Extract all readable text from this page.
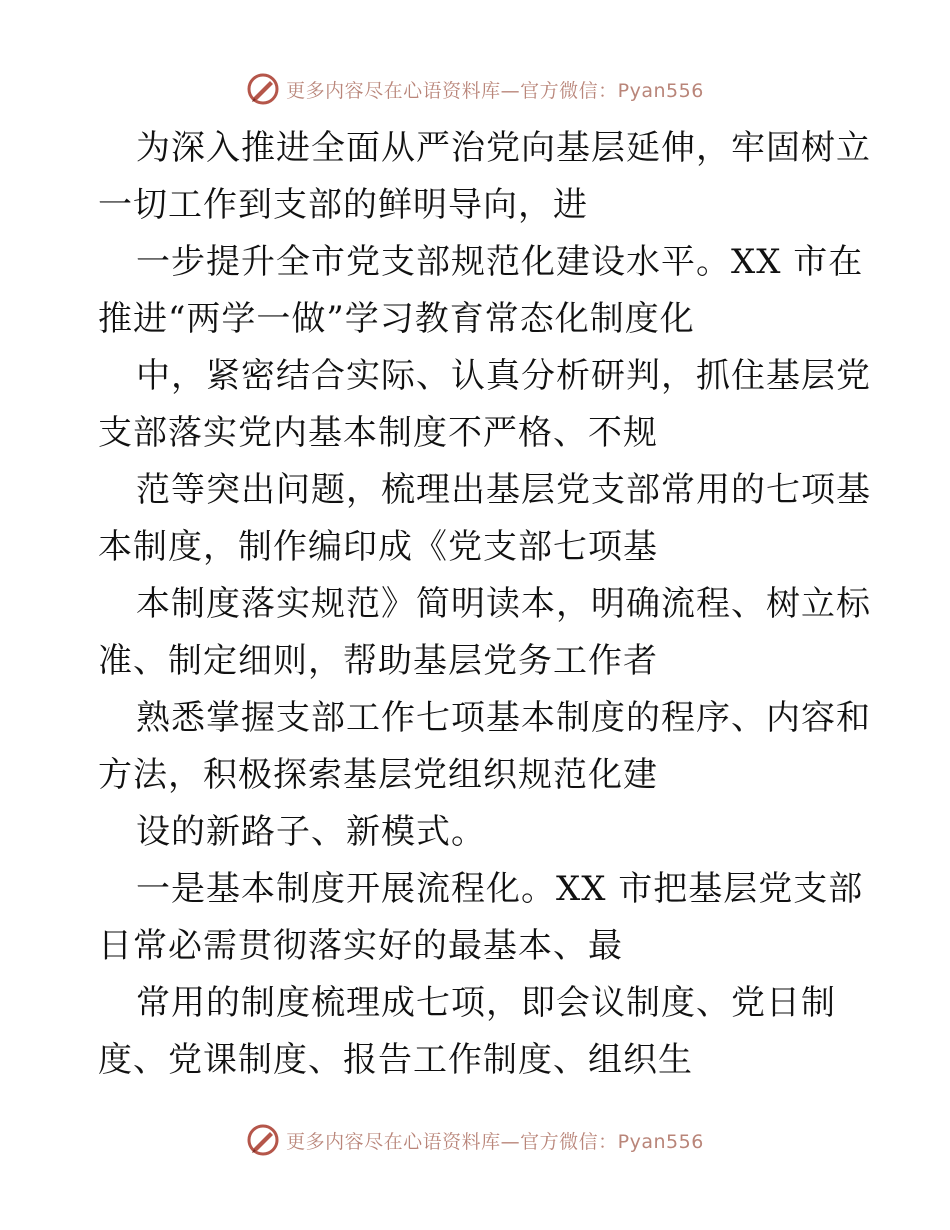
更多内容尽在心语资料库—官方微信：Pyan556

为深入推进全面从严治党向基层延伸，牢固树立
一切工作到支部的鲜明导向，进

一步提升全市党支部规范化建设水平。XX 市在
推进“两学一做”学习教育常态化制度化

中，紧密结合实际、认真分析研判，抓住基层党
支部落实党内基本制度不严格、不规

范等突出问题，梳理出基层党支部常用的七项基
本制度，制作编印成《党支部七项基

本制度落实规范》简明读本，明确流程、树立标
准、制定细则，帮助基层党务工作者

熟悉掌握支部工作七项基本制度的程序、内容和
方法，积极探索基层党组织规范化建

设的新路子、新模式。

一是基本制度开展流程化。XX 市把基层党支部
日常必需贯彻落实好的最基本、最

常用的制度梳理成七项，即会议制度、党日制
度、党课制度、报告工作制度、组织生

更多内容尽在心语资料库—官方微信：Pyan556
